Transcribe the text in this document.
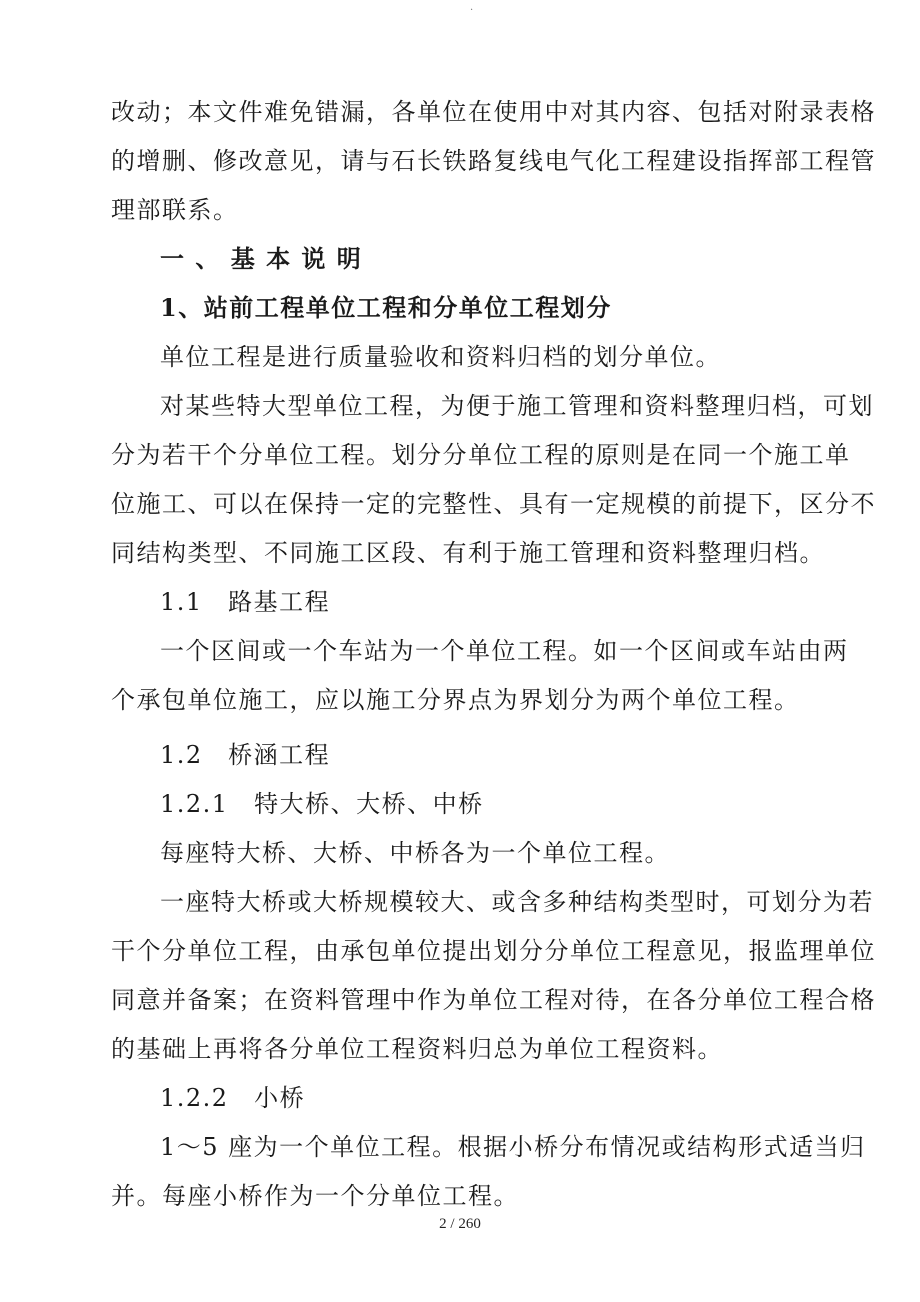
.
改动；本文件难免错漏，各单位在使用中对其内容、包括对附录表格
的增删、修改意见，请与石长铁路复线电气化工程建设指挥部工程管
理部联系。
一 、 基 本 说 明
1、站前工程单位工程和分单位工程划分
单位工程是进行质量验收和资料归档的划分单位。
对某些特大型单位工程，为便于施工管理和资料整理归档，可划
分为若干个分单位工程。划分分单位工程的原则是在同一个施工单
位施工、可以在保持一定的完整性、具有一定规模的前提下，区分不
同结构类型、不同施工区段、有利于施工管理和资料整理归档。
1.1　路基工程
一个区间或一个车站为一个单位工程。如一个区间或车站由两
个承包单位施工，应以施工分界点为界划分为两个单位工程。
1.2　桥涵工程
1.2.1　特大桥、大桥、中桥
每座特大桥、大桥、中桥各为一个单位工程。
一座特大桥或大桥规模较大、或含多种结构类型时，可划分为若
干个分单位工程，由承包单位提出划分分单位工程意见，报监理单位
同意并备案；在资料管理中作为单位工程对待，在各分单位工程合格
的基础上再将各分单位工程资料归总为单位工程资料。
1.2.2　小桥
1～5 座为一个单位工程。根据小桥分布情况或结构形式适当归
并。每座小桥作为一个分单位工程。
2 / 260
